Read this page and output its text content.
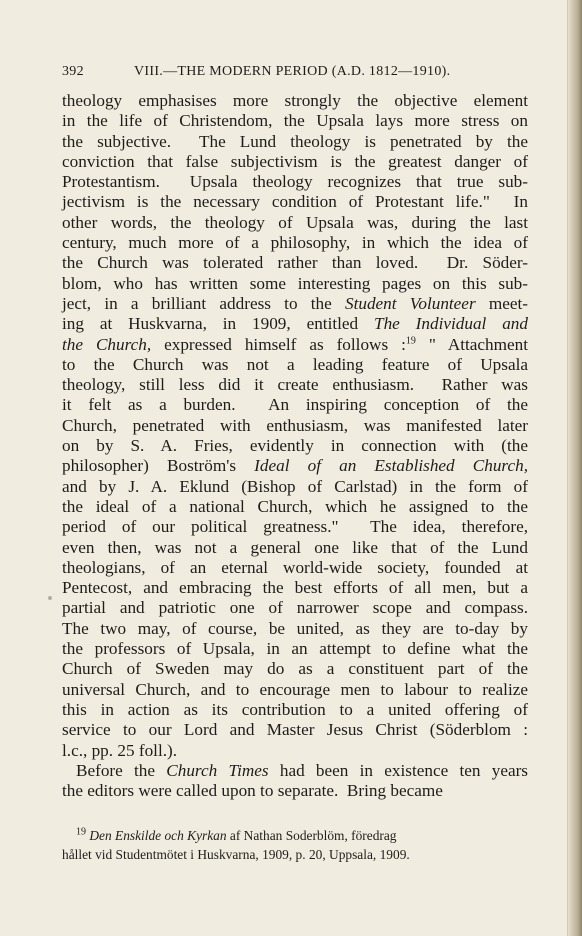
392	VIII.—THE MODERN PERIOD (A.D. 1812—1910).
theology emphasises more strongly the objective element
in the life of Christendom, the Upsala lays more stress on
the subjective.  The Lund theology is penetrated by the
conviction that false subjectivism is the greatest danger of
Protestantism.  Upsala theology recognizes that true sub-
jectivism is the necessary condition of Protestant life."  In
other words, the theology of Upsala was, during the last
century, much more of a philosophy, in which the idea of
the Church was tolerated rather than loved.  Dr. Söder-
blom, who has written some interesting pages on this sub-
ject, in a brilliant address to the Student Volunteer meet-
ing at Huskvarna, in 1909, entitled The Individual and
the Church, expressed himself as follows :$^{19}$ " Attachment
to the Church was not a leading feature of Upsala
theology, still less did it create enthusiasm.  Rather was
it felt as a burden.  An inspiring conception of the
Church, penetrated with enthusiasm, was manifested later
on by S. A. Fries, evidently in connection with (the
philosopher) Boström's Ideal of an Established Church,
and by J. A. Eklund (Bishop of Carlstad) in the form of
the ideal of a national Church, which he assigned to the
period of our political greatness."  The idea, therefore,
even then, was not a general one like that of the Lund
theologians, of an eternal world-wide society, founded at
Pentecost, and embracing the best efforts of all men, but a
partial and patriotic one of narrower scope and compass.
The two may, of course, be united, as they are to-day by
the professors of Upsala, in an attempt to define what the
Church of Sweden may do as a constituent part of the
universal Church, and to encourage men to labour to realize
this in action as its contribution to a united offering of
service to our Lord and Master Jesus Christ (Söderblom :
l.c., pp. 25 foll.).
Before the Church Times had been in existence ten years
the editors were called upon to separate.  Bring became
$^{19}$ Den Enskilde och Kyrkan af Nathan Soderblöm, föredrag
hållet vid Studentmötet i Huskvarna, 1909, p. 20, Uppsala, 1909.
